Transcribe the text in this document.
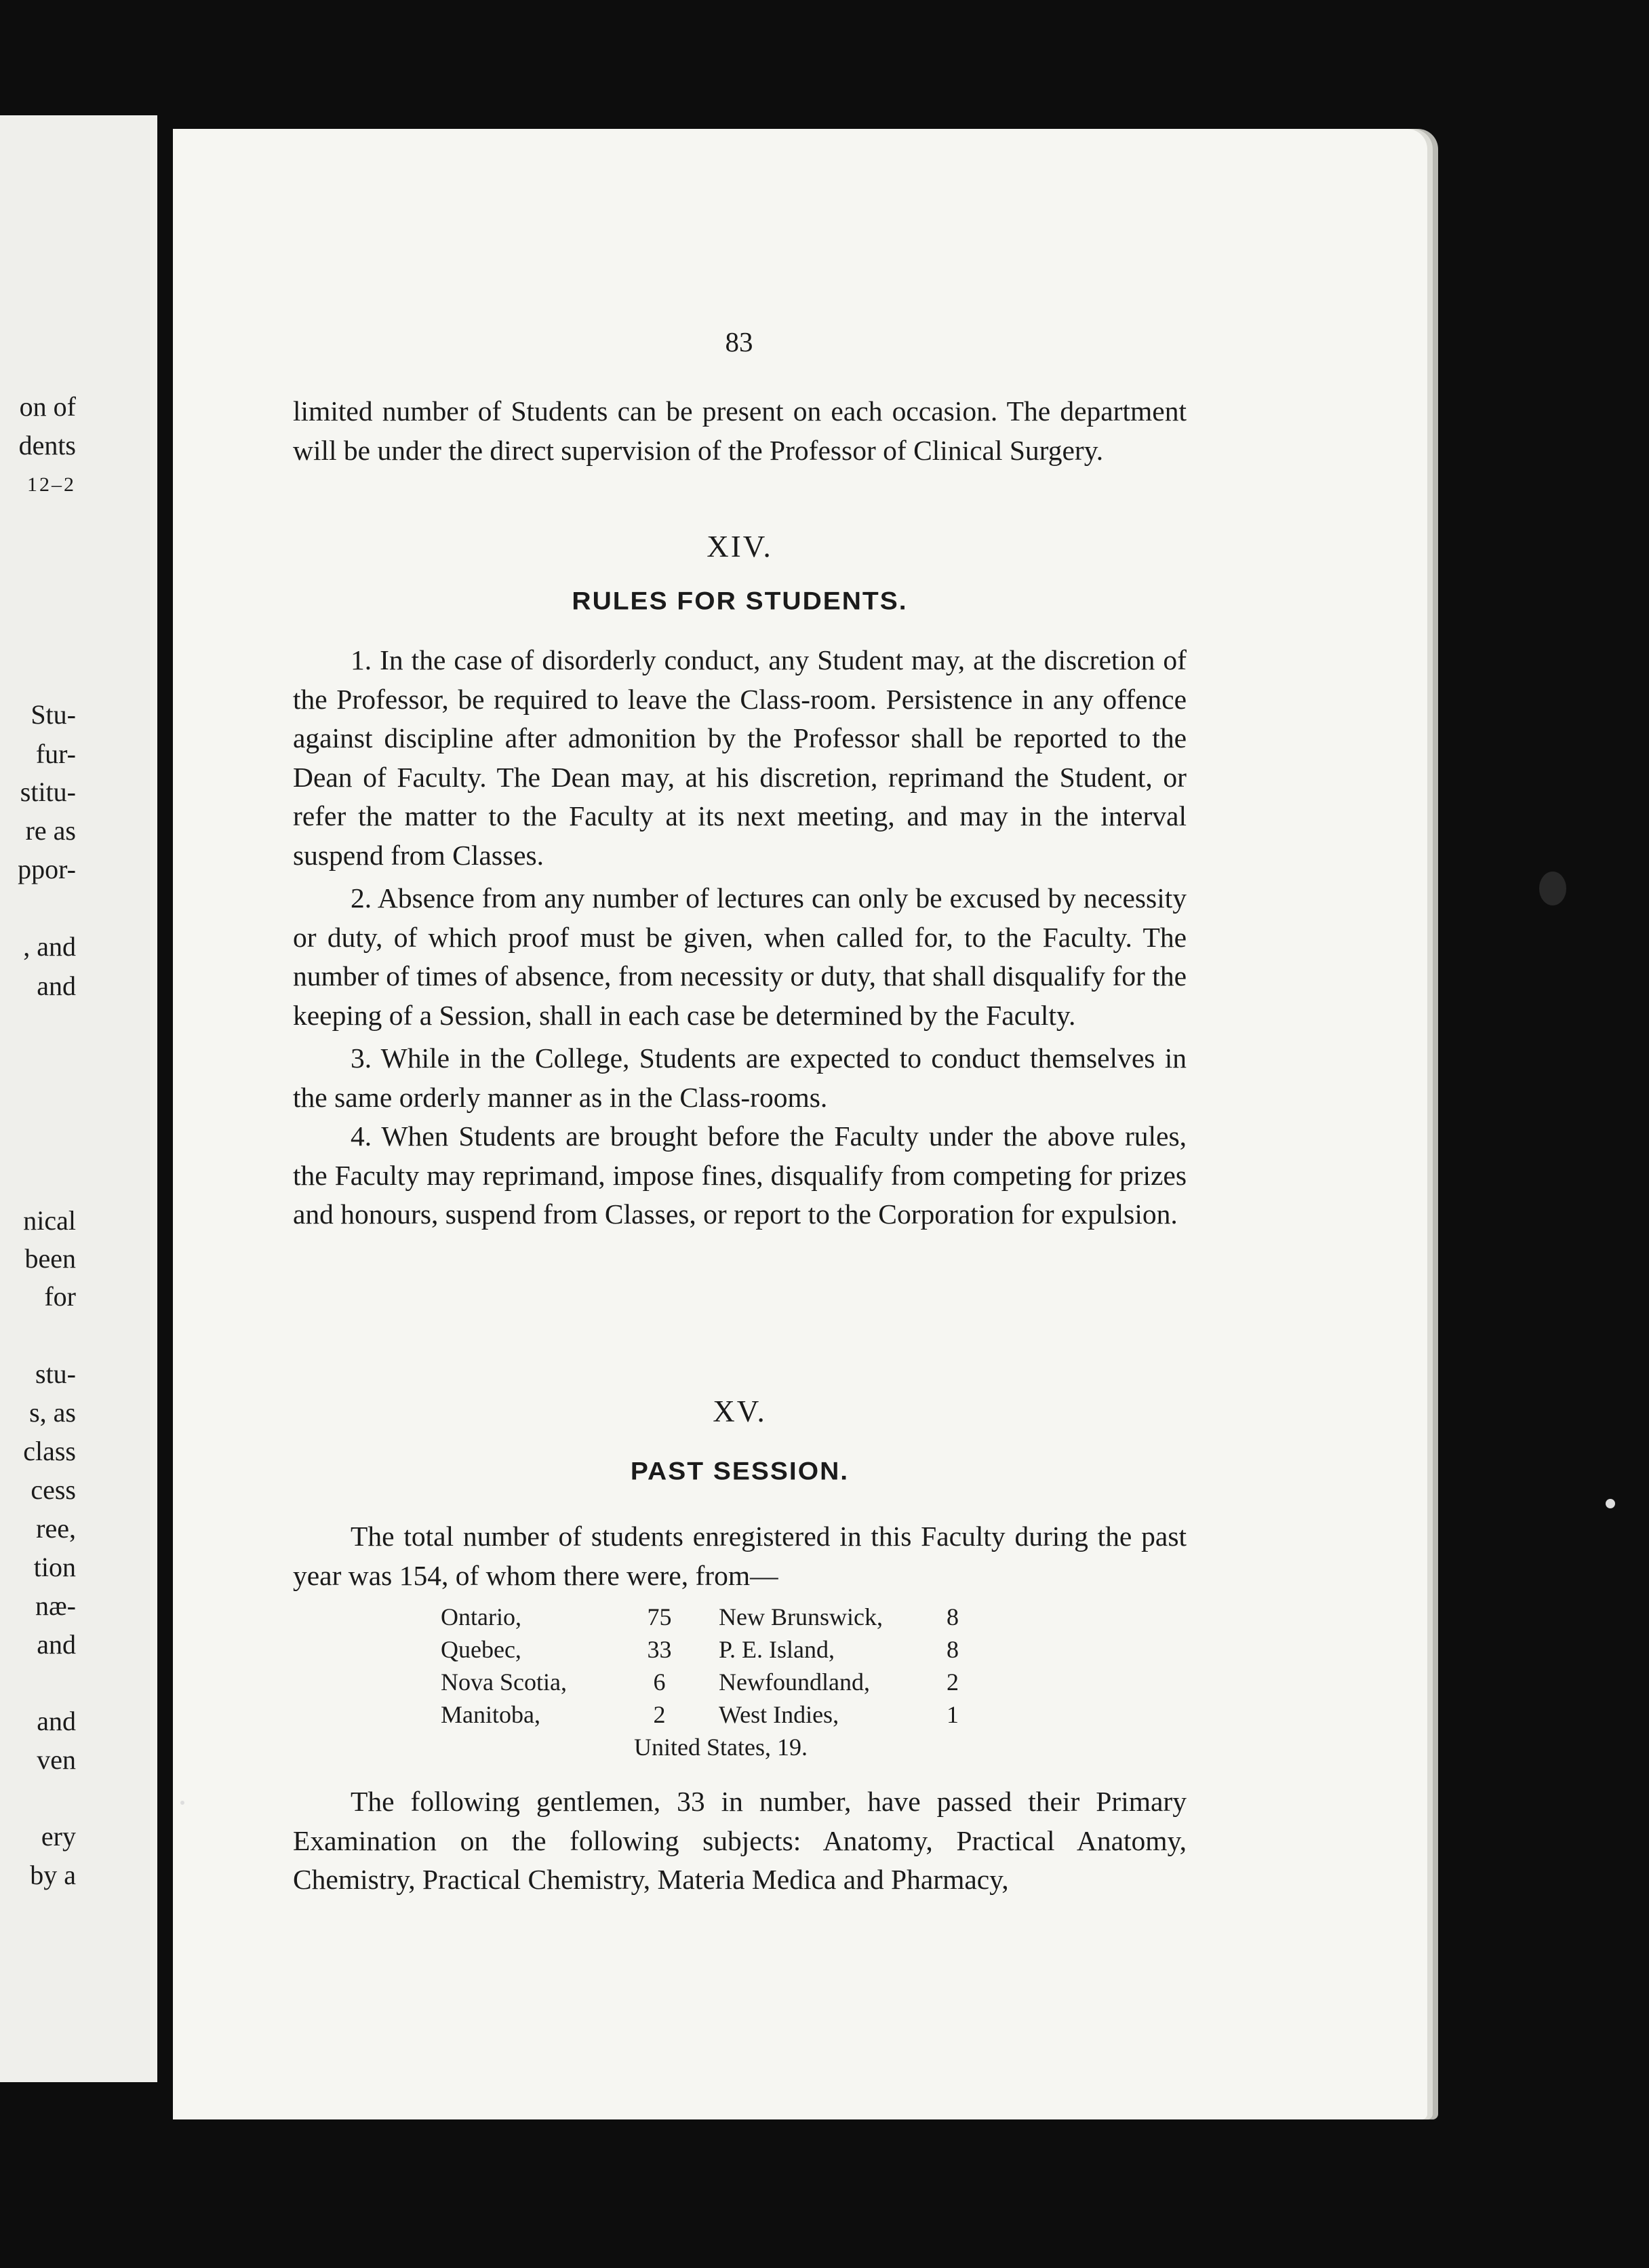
on of
dents
12–2
Stu-
fur-
stitu-
re as
ppor-
, and
and
nical
been
for
stu-
s, as
class
cess
ree,
tion
næ-
and
and
ven
ery
by a
83

limited number of Students can be present on each occasion. The department will be under the direct supervision of the Professor of Clinical Surgery.

XIV.
RULES FOR STUDENTS.

1. In the case of disorderly conduct, any Student may, at the discretion of the Professor, be required to leave the Class-room. Persistence in any offence against discipline after admonition by the Professor shall be reported to the Dean of Faculty. The Dean may, at his discretion, reprimand the Student, or refer the matter to the Faculty at its next meeting, and may in the interval suspend from Classes.

2. Absence from any number of lectures can only be excused by necessity or duty, of which proof must be given, when called for, to the Faculty. The number of times of absence, from necessity or duty, that shall disqualify for the keeping of a Session, shall in each case be determined by the Faculty.

3. While in the College, Students are expected to conduct themselves in the same orderly manner as in the Class-rooms.

4. When Students are brought before the Faculty under the above rules, the Faculty may reprimand, impose fines, disqualify from competing for prizes and honours, suspend from Classes, or report to the Corporation for expulsion.

XV.
PAST SESSION.

The total number of students enregistered in this Faculty during the past year was 154, of whom there were, from—

Ontario,	75		New Brunswick,	8
Quebec,	33		P. E. Island,	8
Nova Scotia,	6		Newfoundland,	2
Manitoba,	2		West Indies,	1
United States, 19.

The following gentlemen, 33 in number, have passed their Primary Examination on the following subjects: Anatomy, Practical Anatomy, Chemistry, Practical Chemistry, Materia Medica and Pharmacy,
